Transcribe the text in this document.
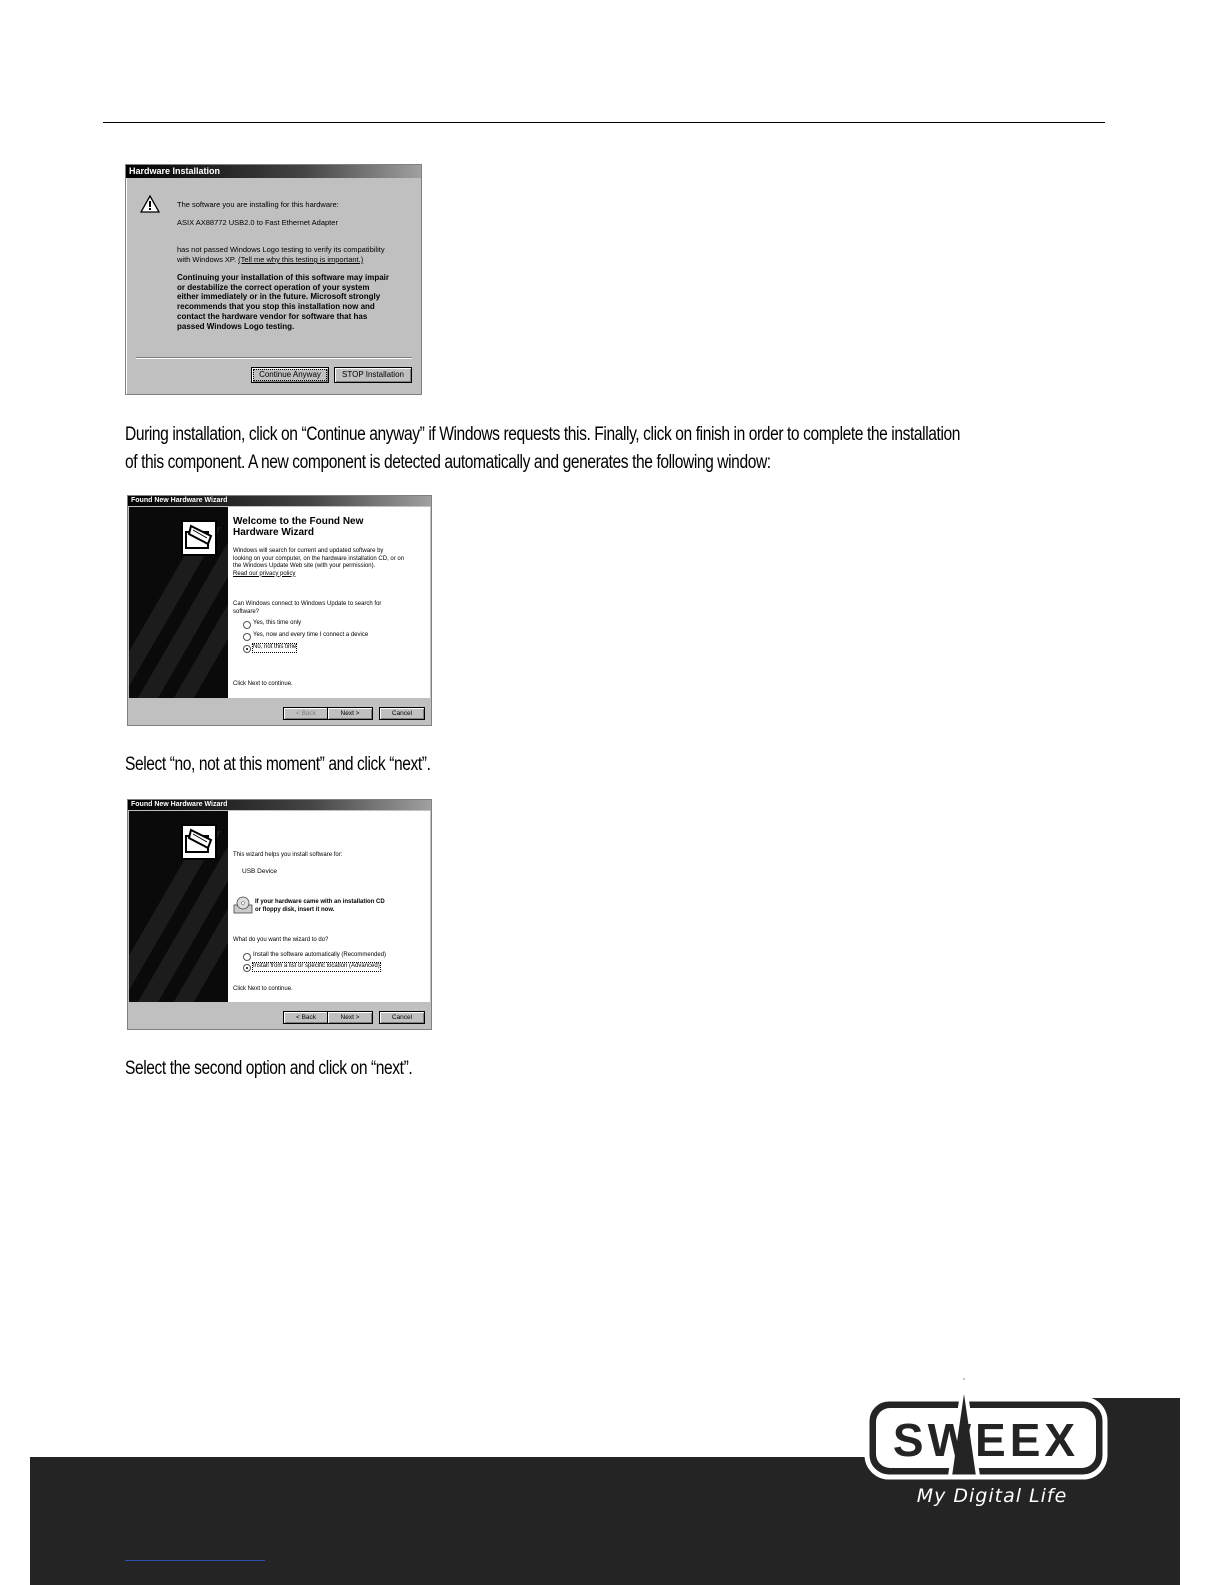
Hardware Installation
The software you are installing for this hardware:
ASIX AX88772 USB2.0 to Fast Ethernet Adapter
has not passed Windows Logo testing to verify its compatibility
with Windows XP. (Tell me why this testing is important.)
Continuing your installation of this software may impair
or destabilize the correct operation of your system
either immediately or in the future. Microsoft strongly
recommends that you stop this installation now and
contact the hardware vendor for software that has
passed Windows Logo testing.
Continue Anyway	STOP Installation
During installation, click on “Continue anyway” if Windows requests this. Finally, click on finish in order to complete the installation
of this component. A new component is detected automatically and generates the following window:
Found New Hardware Wizard
Welcome to the Found New
Hardware Wizard
Windows will search for current and updated software by
looking on your computer, on the hardware installation CD, or on
the Windows Update Web site (with your permission).
Read our privacy policy
Can Windows connect to Windows Update to search for
software?
Yes, this time only
Yes, now and every time I connect a device
No, not this time
Click Next to continue.
< Back	Next >	Cancel
Select “no, not at this moment” and click “next”.
Found New Hardware Wizard
This wizard helps you install software for:
USB Device
If your hardware came with an installation CD
or floppy disk, insert it now.
What do you want the wizard to do?
Install the software automatically (Recommended)
Install from a list or specific location (Advanced)
Click Next to continue.
< Back	Next >	Cancel
Select the second option and click on “next”.
SWEEX
My Digital Life
